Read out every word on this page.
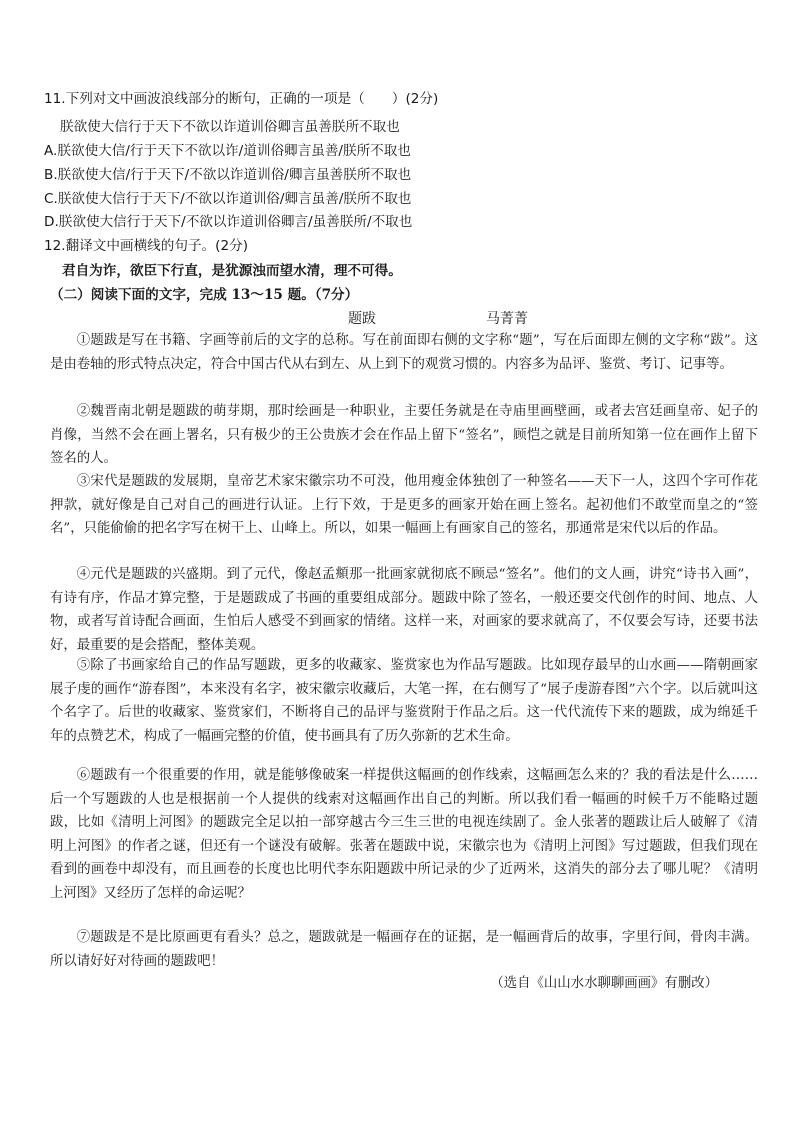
11.下列对文中画波浪线部分的断句，正确的一项是（　　）(2分)
朕欲使大信行于天下不欲以诈道训俗卿言虽善朕所不取也
A.朕欲使大信/行于天下不欲以诈/道训俗卿言虽善/朕所不取也
B.朕欲使大信/行于天下/不欲以诈道训俗/卿言虽善朕所不取也
C.朕欲使大信行于天下/不欲以诈道训俗/卿言虽善/朕所不取也
D.朕欲使大信行于天下/不欲以诈道训俗卿言/虽善朕所/不取也
12.翻译文中画横线的句子。(2分)
君自为诈，欲臣下行直，是犹源浊而望水清，理不可得。
（二）阅读下面的文字，完成 13～15 题。（7分）
题跋	马菁菁

①题跋是写在书籍、字画等前后的文字的总称。写在前面即右侧的文字称“题”，写在后面即左侧的文字称“跋”。这是由卷轴的形式特点决定，符合中国古代从右到左、从上到下的观赏习惯的。内容多为品评、鉴赏、考订、记事等。

②魏晋南北朝是题跋的萌芽期，那时绘画是一种职业，主要任务就是在寺庙里画壁画，或者去宫廷画皇帝、妃子的肖像，当然不会在画上署名，只有极少的王公贵族才会在作品上留下“签名”，顾恺之就是目前所知第一位在画作上留下签名的人。

③宋代是题跋的发展期，皇帝艺术家宋徽宗功不可没，他用瘦金体独创了一种签名——天下一人，这四个字可作花押款，就好像是自己对自己的画进行认证。上行下效，于是更多的画家开始在画上签名。起初他们不敢堂而皇之的“签名”，只能偷偷的把名字写在树干上、山峰上。所以，如果一幅画上有画家自己的签名，那通常是宋代以后的作品。

④元代是题跋的兴盛期。到了元代，像赵孟頫那一批画家就彻底不顾忌“签名”。他们的文人画，讲究“诗书入画”，有诗有序，作品才算完整，于是题跋成了书画的重要组成部分。题跋中除了签名，一般还要交代创作的时间、地点、人物，或者写首诗配合画面，生怕后人感受不到画家的情绪。这样一来，对画家的要求就高了，不仅要会写诗，还要书法好，最重要的是会搭配，整体美观。

⑤除了书画家给自己的作品写题跋，更多的收藏家、鉴赏家也为作品写题跋。比如现存最早的山水画——隋朝画家展子虔的画作“游春图”，本来没有名字，被宋徽宗收藏后，大笔一挥，在右侧写了“展子虔游春图”六个字。以后就叫这个名字了。后世的收藏家、鉴赏家们，不断将自己的品评与鉴赏附于作品之后。这一代代流传下来的题跋，成为绵延千年的点赞艺术，构成了一幅画完整的价值，使书画具有了历久弥新的艺术生命。

⑥题跋有一个很重要的作用，就是能够像破案一样提供这幅画的创作线索，这幅画怎么来的？我的看法是什么……后一个写题跋的人也是根据前一个人提供的线索对这幅画作出自己的判断。所以我们看一幅画的时候千万不能略过题跋，比如《清明上河图》的题跋完全足以拍一部穿越古今三生三世的电视连续剧了。金人张著的题跋让后人破解了《清明上河图》的作者之谜，但还有一个谜没有破解。张著在题跋中说，宋徽宗也为《清明上河图》写过题跋，但我们现在看到的画卷中却没有，而且画卷的长度也比明代李东阳题跋中所记录的少了近两米，这消失的部分去了哪儿呢？《清明上河图》又经历了怎样的命运呢？

⑦题跋是不是比原画更有看头？总之，题跋就是一幅画存在的证据，是一幅画背后的故事，字里行间，骨肉丰满。所以请好好对待画的题跋吧！

（选自《山山水水聊聊画画》有删改）
